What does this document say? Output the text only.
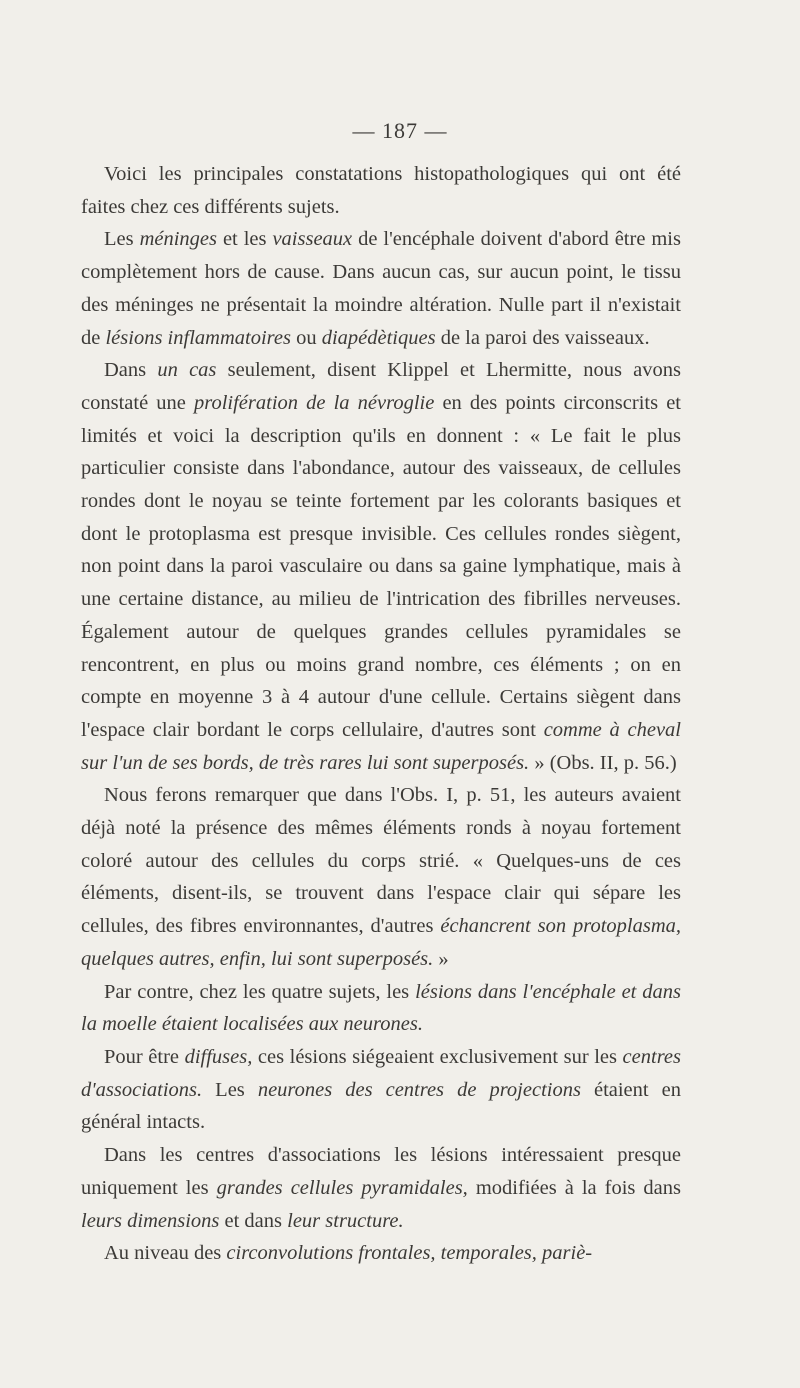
— 187 —

Voici les principales constatations histopathologiques qui ont été faites chez ces différents sujets.

Les méninges et les vaisseaux de l'encéphale doivent d'abord être mis complètement hors de cause. Dans aucun cas, sur aucun point, le tissu des méninges ne présentait la moindre altération. Nulle part il n'existait de lésions inflammatoires ou diapédètiques de la paroi des vaisseaux.

Dans un cas seulement, disent Klippel et Lhermitte, nous avons constaté une prolifération de la névroglie en des points circonscrits et limités et voici la description qu'ils en donnent : « Le fait le plus particulier consiste dans l'abondance, autour des vaisseaux, de cellules rondes dont le noyau se teinte fortement par les colorants basiques et dont le protoplasma est presque invisible. Ces cellules rondes siègent, non point dans la paroi vasculaire ou dans sa gaine lymphatique, mais à une certaine distance, au milieu de l'intrication des fibrilles nerveuses. Également autour de quelques grandes cellules pyramidales se rencontrent, en plus ou moins grand nombre, ces éléments ; on en compte en moyenne 3 à 4 autour d'une cellule. Certains siègent dans l'espace clair bordant le corps cellulaire, d'autres sont comme à cheval sur l'un de ses bords, de très rares lui sont superposés. » (Obs. II, p. 56.)

Nous ferons remarquer que dans l'Obs. I, p. 51, les auteurs avaient déjà noté la présence des mêmes éléments ronds à noyau fortement coloré autour des cellules du corps strié. « Quelques-uns de ces éléments, disent-ils, se trouvent dans l'espace clair qui sépare les cellules, des fibres environnantes, d'autres échancrent son protoplasma, quelques autres, enfin, lui sont superposés. »

Par contre, chez les quatre sujets, les lésions dans l'encéphale et dans la moelle étaient localisées aux neurones.

Pour être diffuses, ces lésions siégeaient exclusivement sur les centres d'associations. Les neurones des centres de projections étaient en général intacts.

Dans les centres d'associations les lésions intéressaient presque uniquement les grandes cellules pyramidales, modifiées à la fois dans leurs dimensions et dans leur structure.

Au niveau des circonvolutions frontales, temporales, pariè-
